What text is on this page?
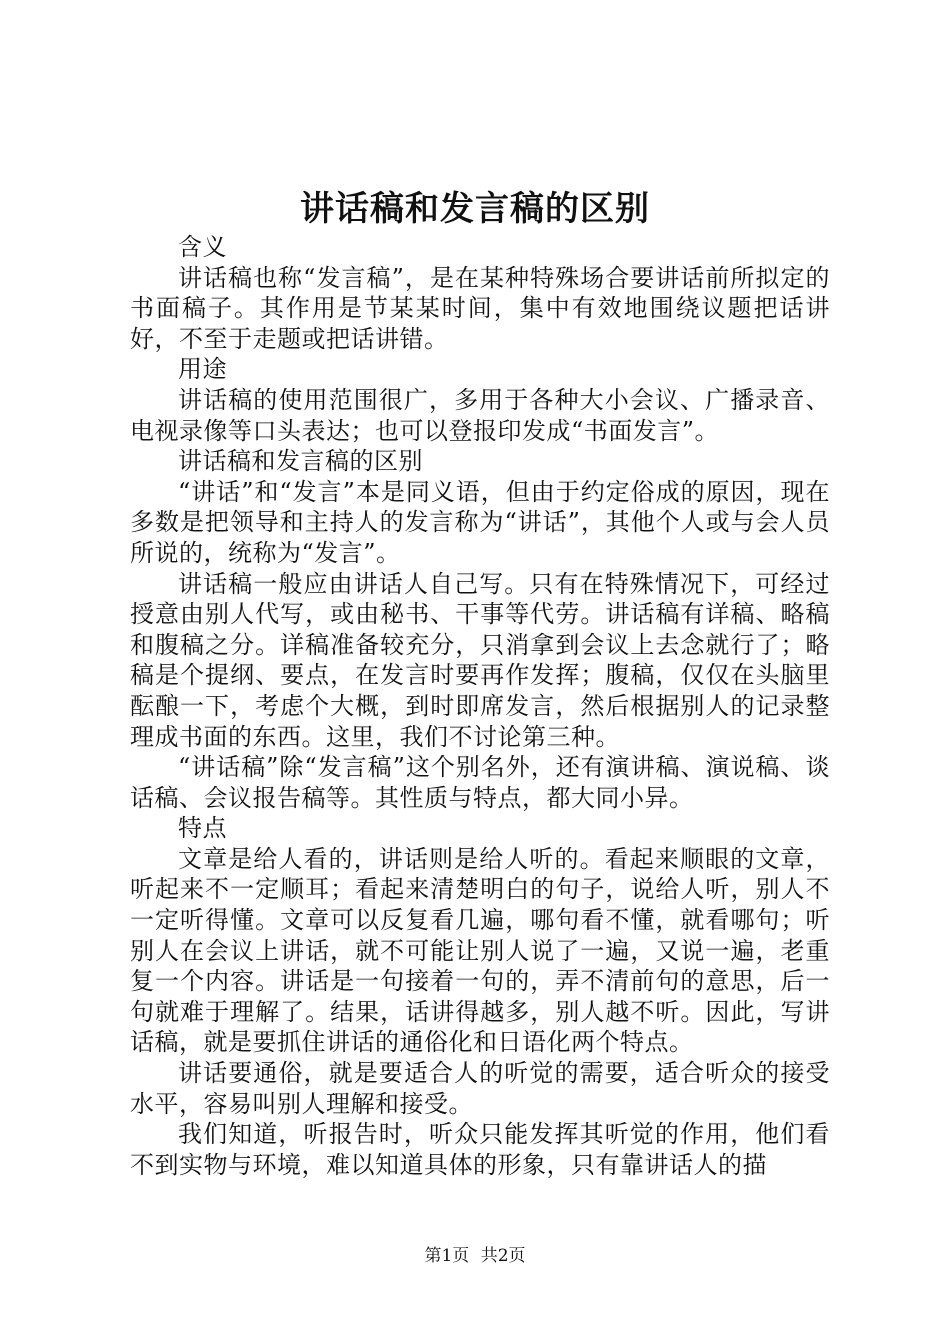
讲话稿和发言稿的区别

含义

讲话稿也称“发言稿”，是在某种特殊场合要讲话前所拟定的书面稿子。其作用是节某某时间，集中有效地围绕议题把话讲好，不至于走题或把话讲错。

用途

讲话稿的使用范围很广，多用于各种大小会议、广播录音、电视录像等口头表达；也可以登报印发成“书面发言”。

讲话稿和发言稿的区别

“讲话”和“发言”本是同义语，但由于约定俗成的原因，现在多数是把领导和主持人的发言称为“讲话”，其他个人或与会人员所说的，统称为“发言”。

讲话稿一般应由讲话人自己写。只有在特殊情况下，可经过授意由别人代写，或由秘书、干事等代劳。讲话稿有详稿、略稿和腹稿之分。详稿准备较充分，只消拿到会议上去念就行了；略稿是个提纲、要点，在发言时要再作发挥；腹稿，仅仅在头脑里酝酿一下，考虑个大概，到时即席发言，然后根据别人的记录整理成书面的东西。这里，我们不讨论第三种。

“讲话稿”除“发言稿”这个别名外，还有演讲稿、演说稿、谈话稿、会议报告稿等。其性质与特点，都大同小异。

特点

文章是给人看的，讲话则是给人听的。看起来顺眼的文章，听起来不一定顺耳；看起来清楚明白的句子，说给人听，别人不一定听得懂。文章可以反复看几遍，哪句看不懂，就看哪句；听别人在会议上讲话，就不可能让别人说了一遍，又说一遍，老重复一个内容。讲话是一句接着一句的，弄不清前句的意思，后一句就难于理解了。结果，话讲得越多，别人越不听。因此，写讲话稿，就是要抓住讲话的通俗化和日语化两个特点。

讲话要通俗，就是要适合人的听觉的需要，适合听众的接受水平，容易叫别人理解和接受。

我们知道，听报告时，听众只能发挥其听觉的作用，他们看不到实物与环境，难以知道具体的形象，只有靠讲话人的描

第1页 共2页
